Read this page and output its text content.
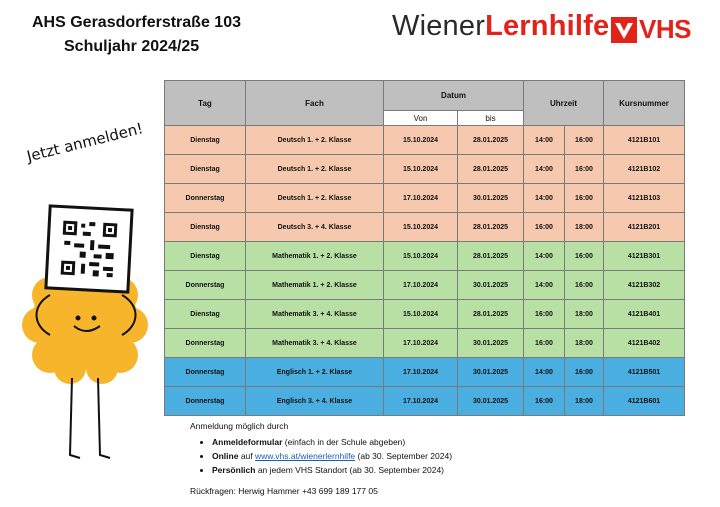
AHS Gerasdorferstraße 103
Schuljahr 2024/25
WienerLernhilfe VHS
Jetzt anmelden!
Tag	Fach	Datum		Uhrzeit		Kursnummer
		Von	bis			
Dienstag	Deutsch 1. + 2. Klasse	15.10.2024	28.01.2025	14:00	16:00	4121B101
Dienstag	Deutsch 1. + 2. Klasse	15.10.2024	28.01.2025	14:00	16:00	4121B102
Donnerstag	Deutsch 1. + 2. Klasse	17.10.2024	30.01.2025	14:00	16:00	4121B103
Dienstag	Deutsch 3. + 4. Klasse	15.10.2024	28.01.2025	16:00	18:00	4121B201
Dienstag	Mathematik 1. + 2. Klasse	15.10.2024	28.01.2025	14:00	16:00	4121B301
Donnerstag	Mathematik 1. + 2. Klasse	17.10.2024	30.01.2025	14:00	16:00	4121B302
Dienstag	Mathematik 3. + 4. Klasse	15.10.2024	28.01.2025	16:00	18:00	4121B401
Donnerstag	Mathematik 3. + 4. Klasse	17.10.2024	30.01.2025	16:00	18:00	4121B402
Donnerstag	Englisch 1. + 2. Klasse	17.10.2024	30.01.2025	14:00	16:00	4121B501
Donnerstag	Englisch 3. + 4. Klasse	17.10.2024	30.01.2025	16:00	18:00	4121B601
Anmeldung möglich durch
• Anmeldeformular (einfach in der Schule abgeben)
• Online auf www.vhs.at/wienerlernhilfe (ab 30. September 2024)
• Persönlich an jedem VHS Standort (ab 30. September 2024)
Rückfragen: Herwig Hammer +43 699 189 177 05
